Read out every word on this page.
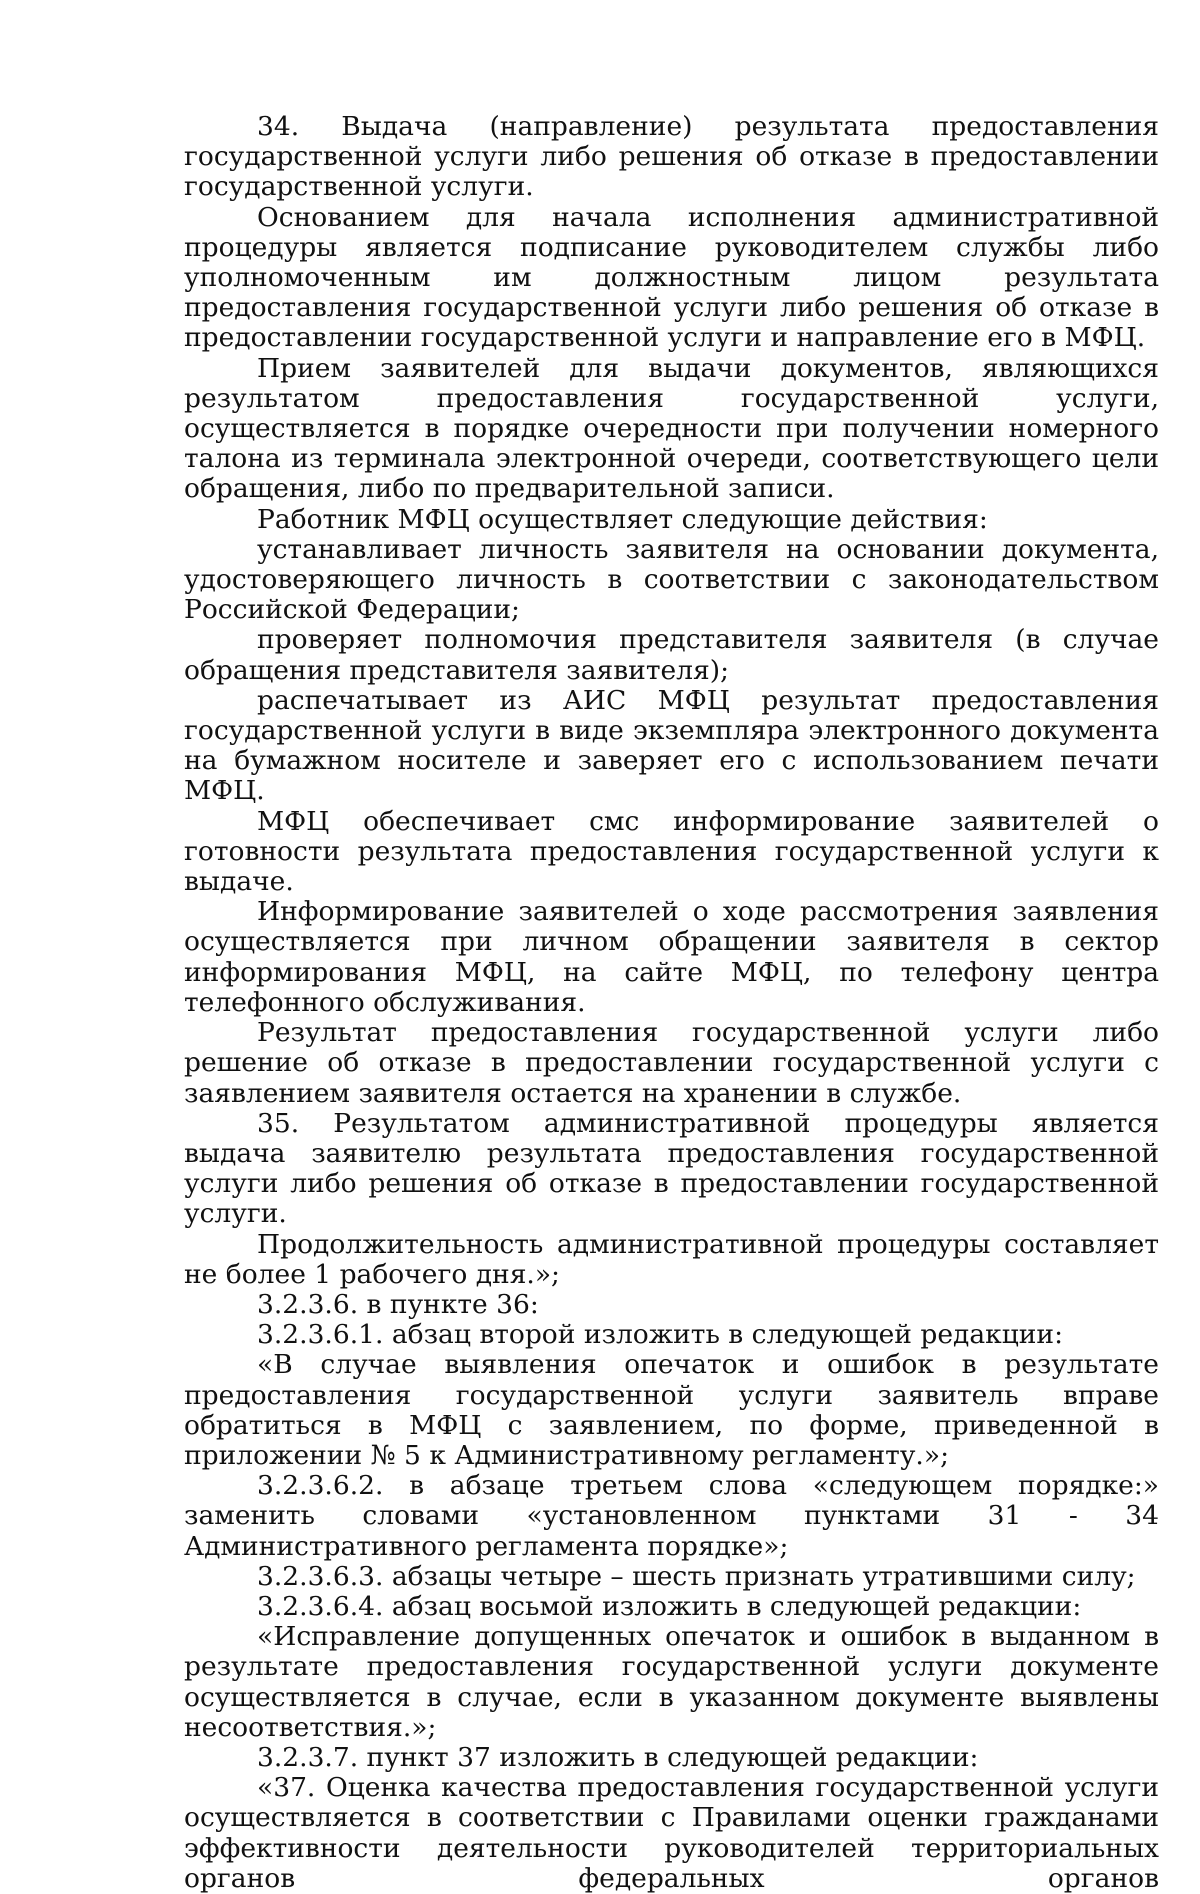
34. Выдача (направление) результата предоставления государственной услуги либо решения об отказе в предоставлении государственной услуги.

Основанием для начала исполнения административной процедуры является подписание руководителем службы либо уполномоченным им должностным лицом результата предоставления государственной услуги либо решения об отказе в предоставлении государственной услуги и направление его в МФЦ.

Прием заявителей для выдачи документов, являющихся результатом предоставления государственной услуги, осуществляется в порядке очередности при получении номерного талона из терминала электронной очереди, соответствующего цели обращения, либо по предварительной записи.

Работник МФЦ осуществляет следующие действия:

устанавливает личность заявителя на основании документа, удостоверяющего личность в соответствии с законодательством Российской Федерации;

проверяет полномочия представителя заявителя (в случае обращения представителя заявителя);

распечатывает из АИС МФЦ результат предоставления государственной услуги в виде экземпляра электронного документа на бумажном носителе и заверяет его с использованием печати МФЦ.

МФЦ обеспечивает смс информирование заявителей о готовности результата предоставления государственной услуги к выдаче.

Информирование заявителей о ходе рассмотрения заявления осуществляется при личном обращении заявителя в сектор информирования МФЦ, на сайте МФЦ, по телефону центра телефонного обслуживания.

Результат предоставления государственной услуги либо решение об отказе в предоставлении государственной услуги с заявлением заявителя остается на хранении в службе.

35. Результатом административной процедуры является выдача заявителю результата предоставления государственной услуги либо решения об отказе в предоставлении государственной услуги.

Продолжительность административной процедуры составляет не более 1 рабочего дня.»;

3.2.3.6. в пункте 36:

3.2.3.6.1. абзац второй изложить в следующей редакции:

«В случае выявления опечаток и ошибок в результате предоставления государственной услуги заявитель вправе обратиться в МФЦ с заявлением, по форме, приведенной в приложении № 5 к Административному регламенту.»;

3.2.3.6.2. в абзаце третьем слова «следующем порядке:» заменить словами «установленном пунктами 31 - 34 Административного регламента порядке»;

3.2.3.6.3. абзацы четыре – шесть признать утратившими силу;

3.2.3.6.4. абзац восьмой изложить в следующей редакции:

«Исправление допущенных опечаток и ошибок в выданном в результате предоставления государственной услуги документе осуществляется в случае, если в указанном документе выявлены несоответствия.»;

3.2.3.7. пункт 37 изложить в следующей редакции:

«37. Оценка качества предоставления государственной услуги осуществляется в соответствии с Правилами оценки гражданами эффективности деятельности руководителей территориальных органов федеральных органов
